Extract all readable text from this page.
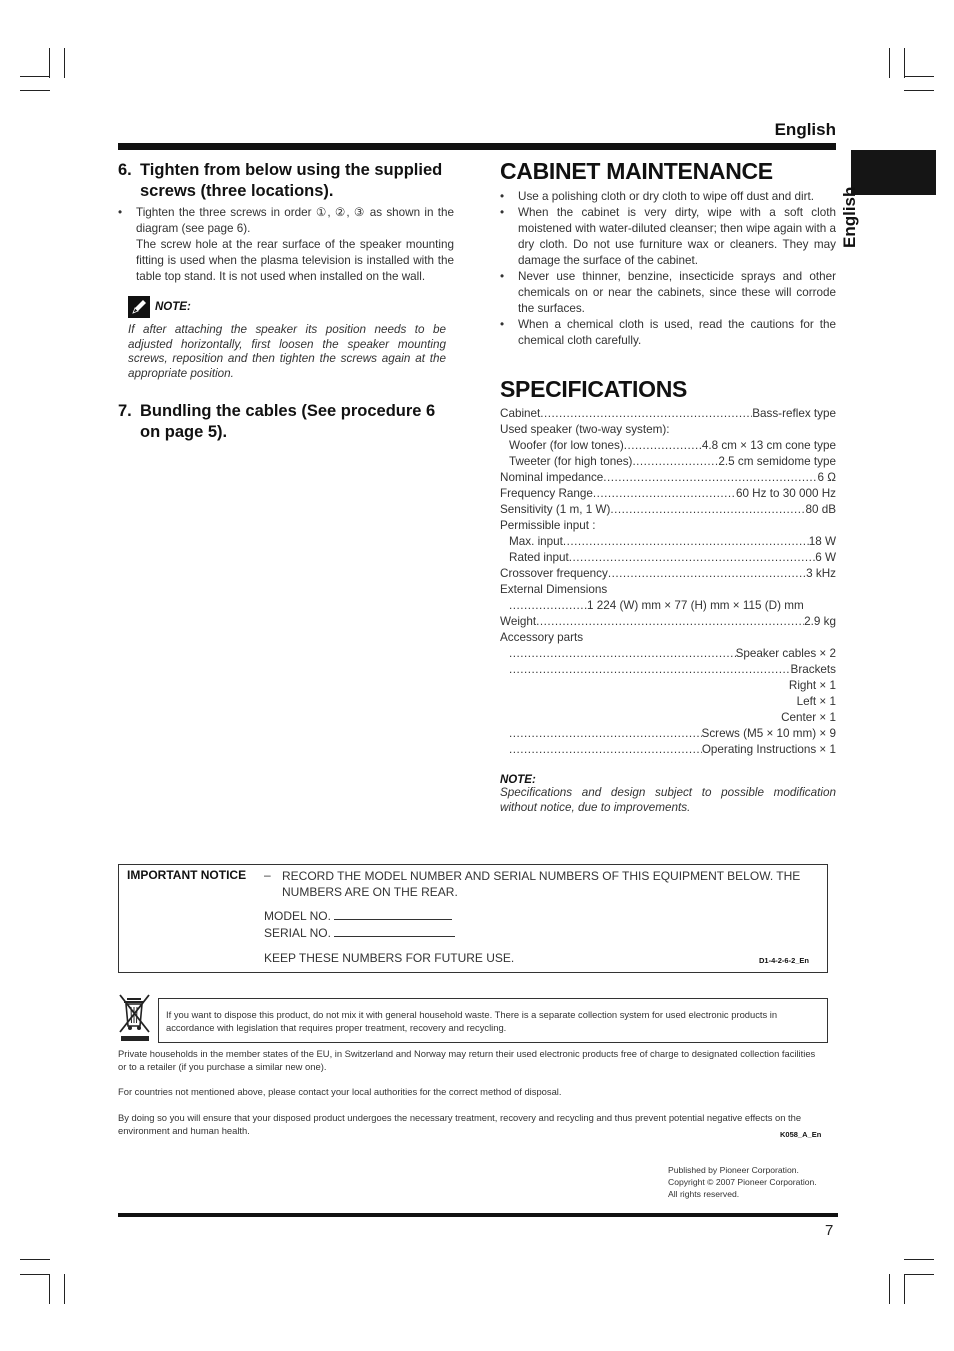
English
English
6. Tighten from below using the supplied screws (three locations).
• Tighten the three screws in order ①, ②, ③ as shown in the diagram (see page 6).
The screw hole at the rear surface of the speaker mounting fitting is used when the plasma television is installed with the table top stand. It is not used when installed on the wall.
NOTE:
If after attaching the speaker its position needs to be adjusted horizontally, first loosen the speaker mounting screws, reposition and then tighten the screws again at the appropriate position.
7. Bundling the cables (See procedure 6 on page 5).
CABINET MAINTENANCE
• Use a polishing cloth or dry cloth to wipe off dust and dirt.
• When the cabinet is very dirty, wipe with a soft cloth moistened with water-diluted cleanser; then wipe again with a dry cloth. Do not use furniture wax or cleaners. They may damage the surface of the cabinet.
• Never use thinner, benzine, insecticide sprays and other chemicals on or near the cabinets, since these will corrode the surfaces.
• When a chemical cloth is used, read the cautions for the chemical cloth carefully.
SPECIFICATIONS
Cabinet .....	Bass-reflex type
Used speaker (two-way system):
Woofer (for low tones) .....	4.8 cm × 13 cm cone type
Tweeter (for high tones) .....	2.5 cm semidome type
Nominal impedance .....	6 Ω
Frequency Range .....	60 Hz to 30 000 Hz
Sensitivity (1 m, 1 W) .....	80 dB
Permissible input :
Max. input .....	18 W
Rated input .....	6 W
Crossover frequency .....	3 kHz
External Dimensions
.....
1 224 (W) mm × 77 (H) mm × 115 (D) mm
Weight .....	2.9 kg
Accessory parts
.....
Speaker cables × 2
.....
Brackets
Right × 1
Left × 1
Center × 1
.....
Screws (M5 × 10 mm) × 9
.....
Operating Instructions × 1
NOTE:
Specifications and design subject to possible modification without notice, due to improvements.
IMPORTANT NOTICE – RECORD THE MODEL NUMBER AND SERIAL NUMBERS OF THIS EQUIPMENT BELOW. THE NUMBERS ARE ON THE REAR.
MODEL NO.
SERIAL NO.
KEEP THESE NUMBERS FOR FUTURE USE.	D1-4-2-6-2_En
If you want to dispose this product, do not mix it with general household waste. There is a separate collection system for used electronic products in accordance with legislation that requires proper treatment, recovery and recycling.
Private households in the member states of the EU, in Switzerland and Norway may return their used electronic products free of charge to designated collection facilities or to a retailer (if you purchase a similar new one).
For countries not mentioned above, please contact your local authorities for the correct method of disposal.
By doing so you will ensure that your disposed product undergoes the necessary treatment, recovery and recycling and thus prevent potential negative effects on the environment and human health.	K058_A_En
Published by Pioneer Corporation.
Copyright © 2007 Pioneer Corporation.
All rights reserved.
7
